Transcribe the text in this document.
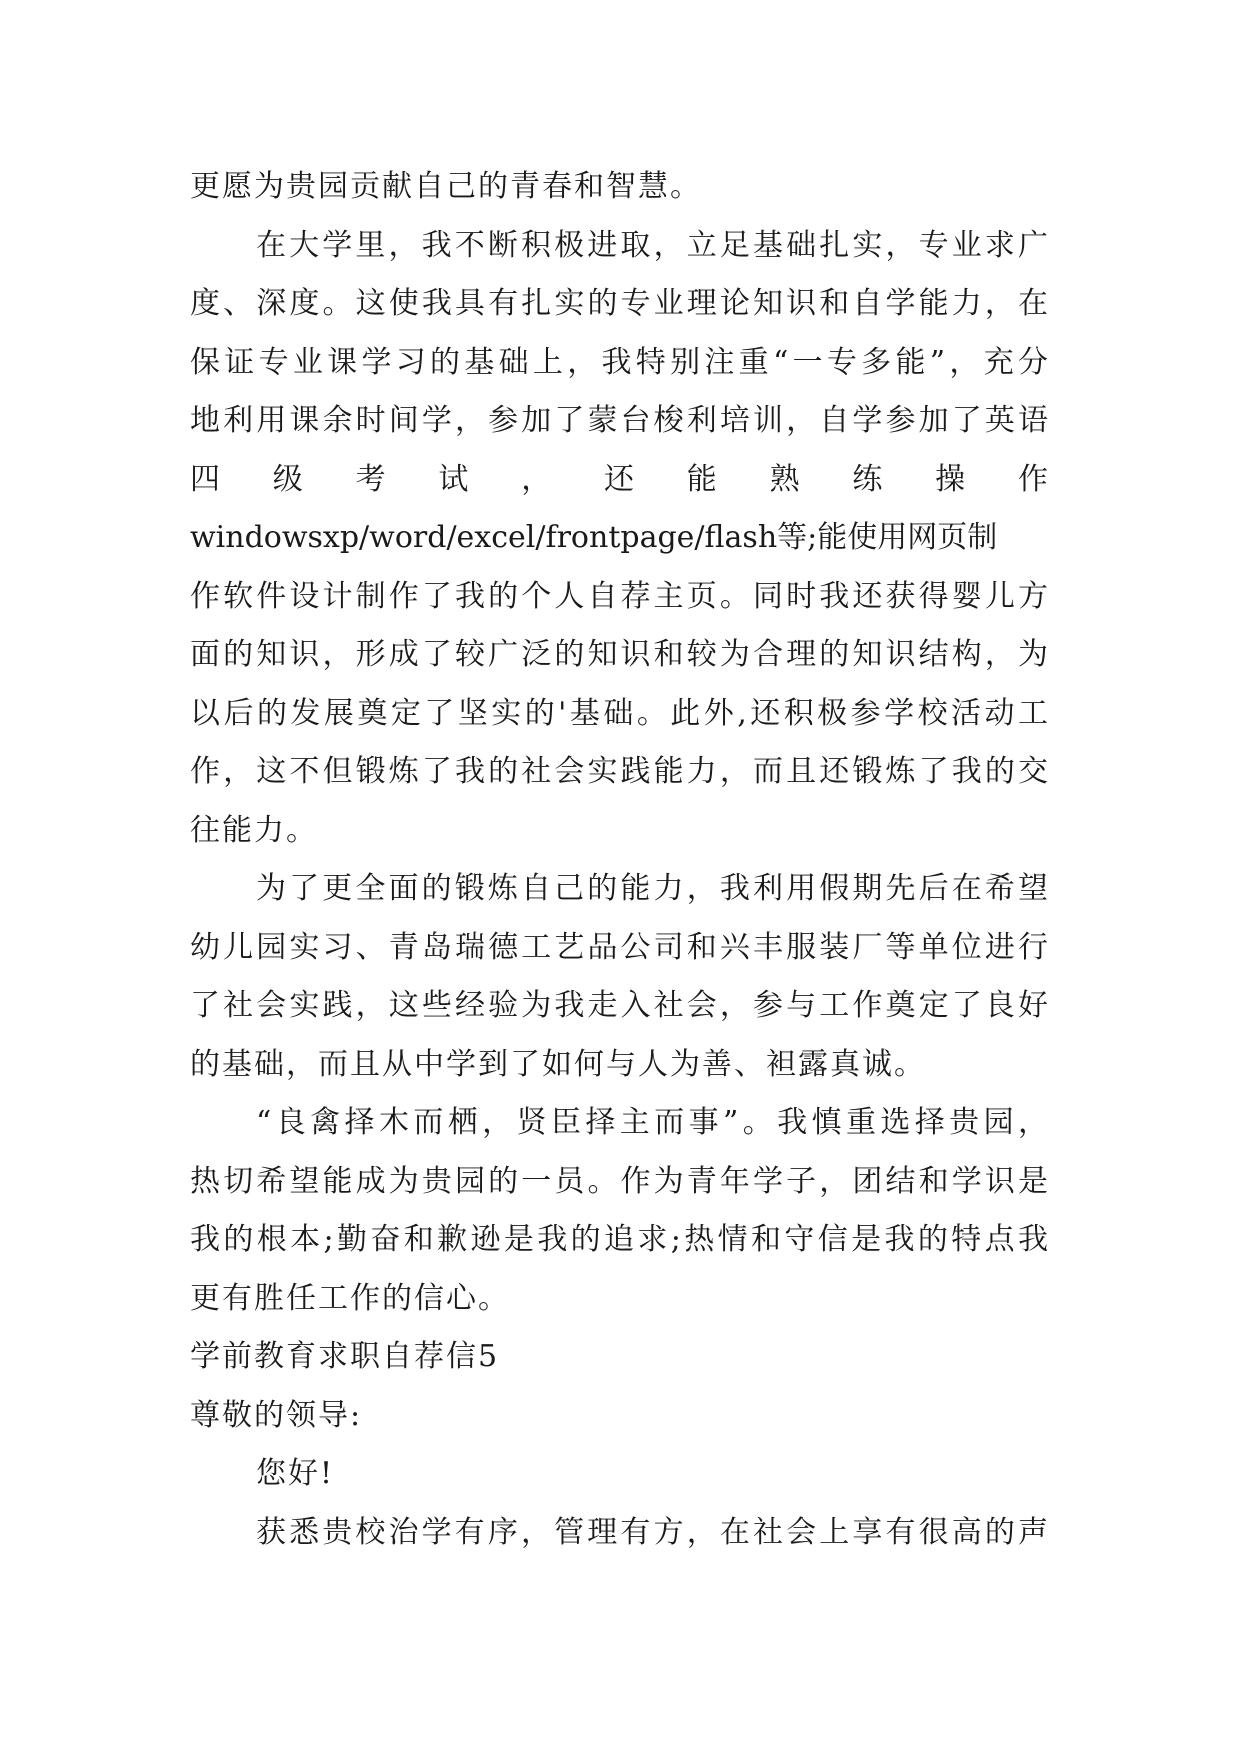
更愿为贵园贡献自己的青春和智慧。
在大学里，我不断积极进取，立足基础扎实，专业求广
度、深度。这使我具有扎实的专业理论知识和自学能力，在
保证专业课学习的基础上，我特别注重“一专多能”，充分
地利用课余时间学，参加了蒙台梭利培训，自学参加了英语
四 级 考 试 ， 还 能 熟 练 操 作
windowsxp/word/excel/frontpage/flash等;能使用网页制
作软件设计制作了我的个人自荐主页。同时我还获得婴儿方
面的知识，形成了较广泛的知识和较为合理的知识结构，为
以后的发展奠定了坚实的'基础。此外,还积极参学校活动工
作，这不但锻炼了我的社会实践能力，而且还锻炼了我的交
往能力。
为了更全面的锻炼自己的能力，我利用假期先后在希望
幼儿园实习、青岛瑞德工艺品公司和兴丰服装厂等单位进行
了社会实践，这些经验为我走入社会，参与工作奠定了良好
的基础，而且从中学到了如何与人为善、袒露真诚。
“良禽择木而栖，贤臣择主而事”。我慎重选择贵园，
热切希望能成为贵园的一员。作为青年学子，团结和学识是
我的根本;勤奋和歉逊是我的追求;热情和守信是我的特点我
更有胜任工作的信心。
学前教育求职自荐信5
尊敬的领导:
您好!
获悉贵校治学有序，管理有方，在社会上享有很高的声
